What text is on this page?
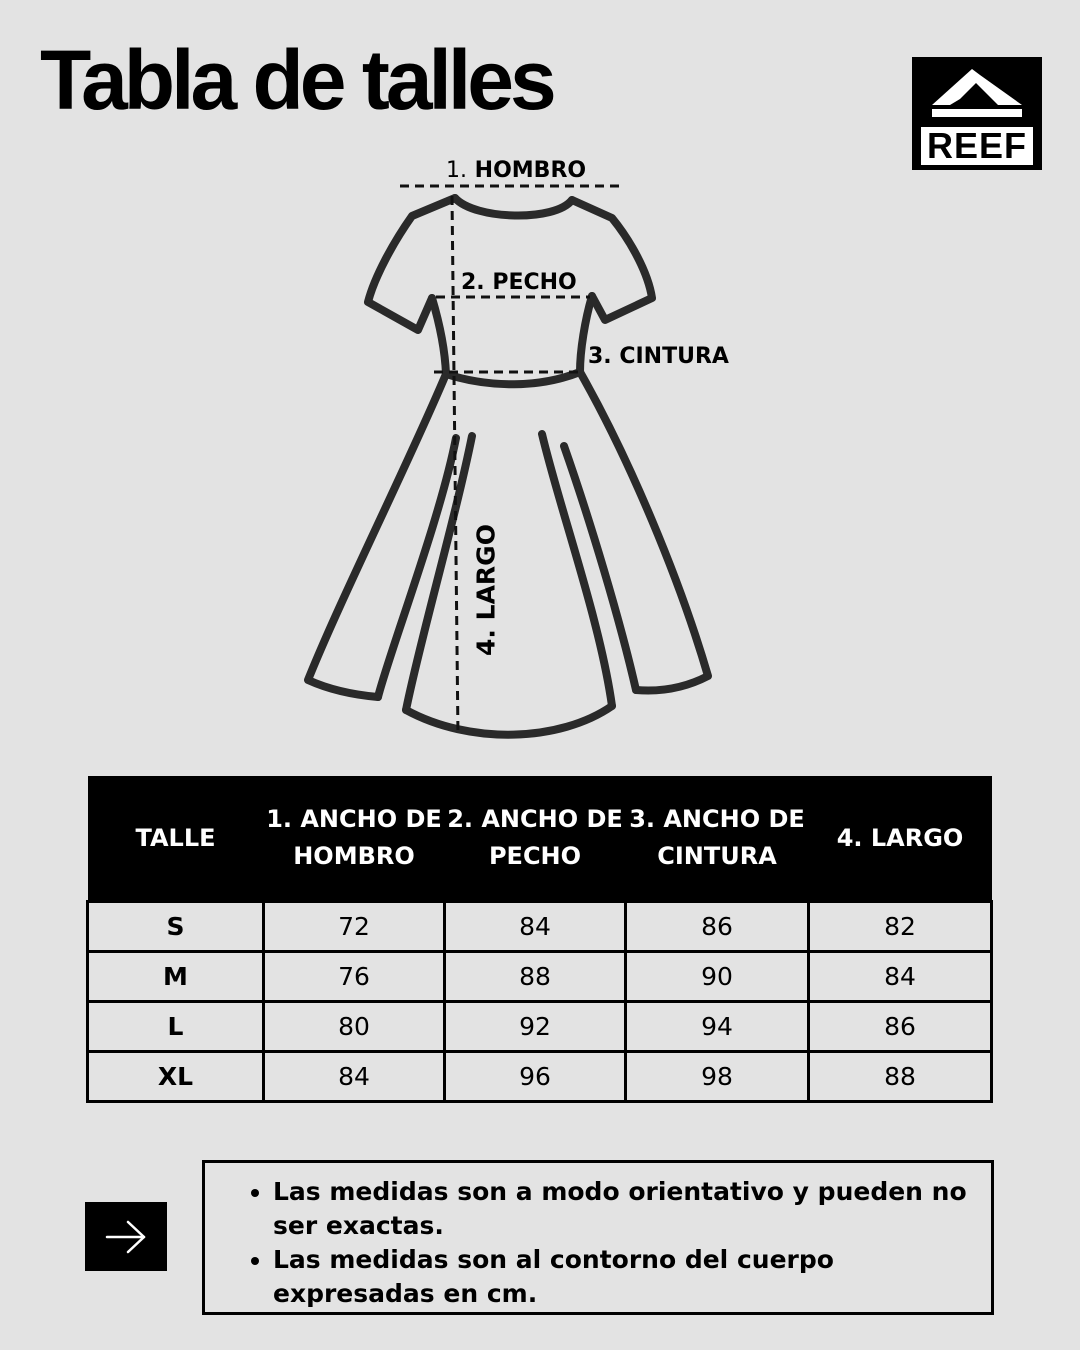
Tabla de talles
REEF
1. HOMBRO
2. PECHO
3. CINTURA
4. LARGO
TALLE	1. ANCHO DE HOMBRO	2. ANCHO DE PECHO	3. ANCHO DE CINTURA	4. LARGO
S	72	84	86	82
M	76	88	90	84
L	80	92	94	86
XL	84	96	98	88
• Las medidas son a modo orientativo y pueden no ser exactas.
• Las medidas son al contorno del cuerpo expresadas en cm.
